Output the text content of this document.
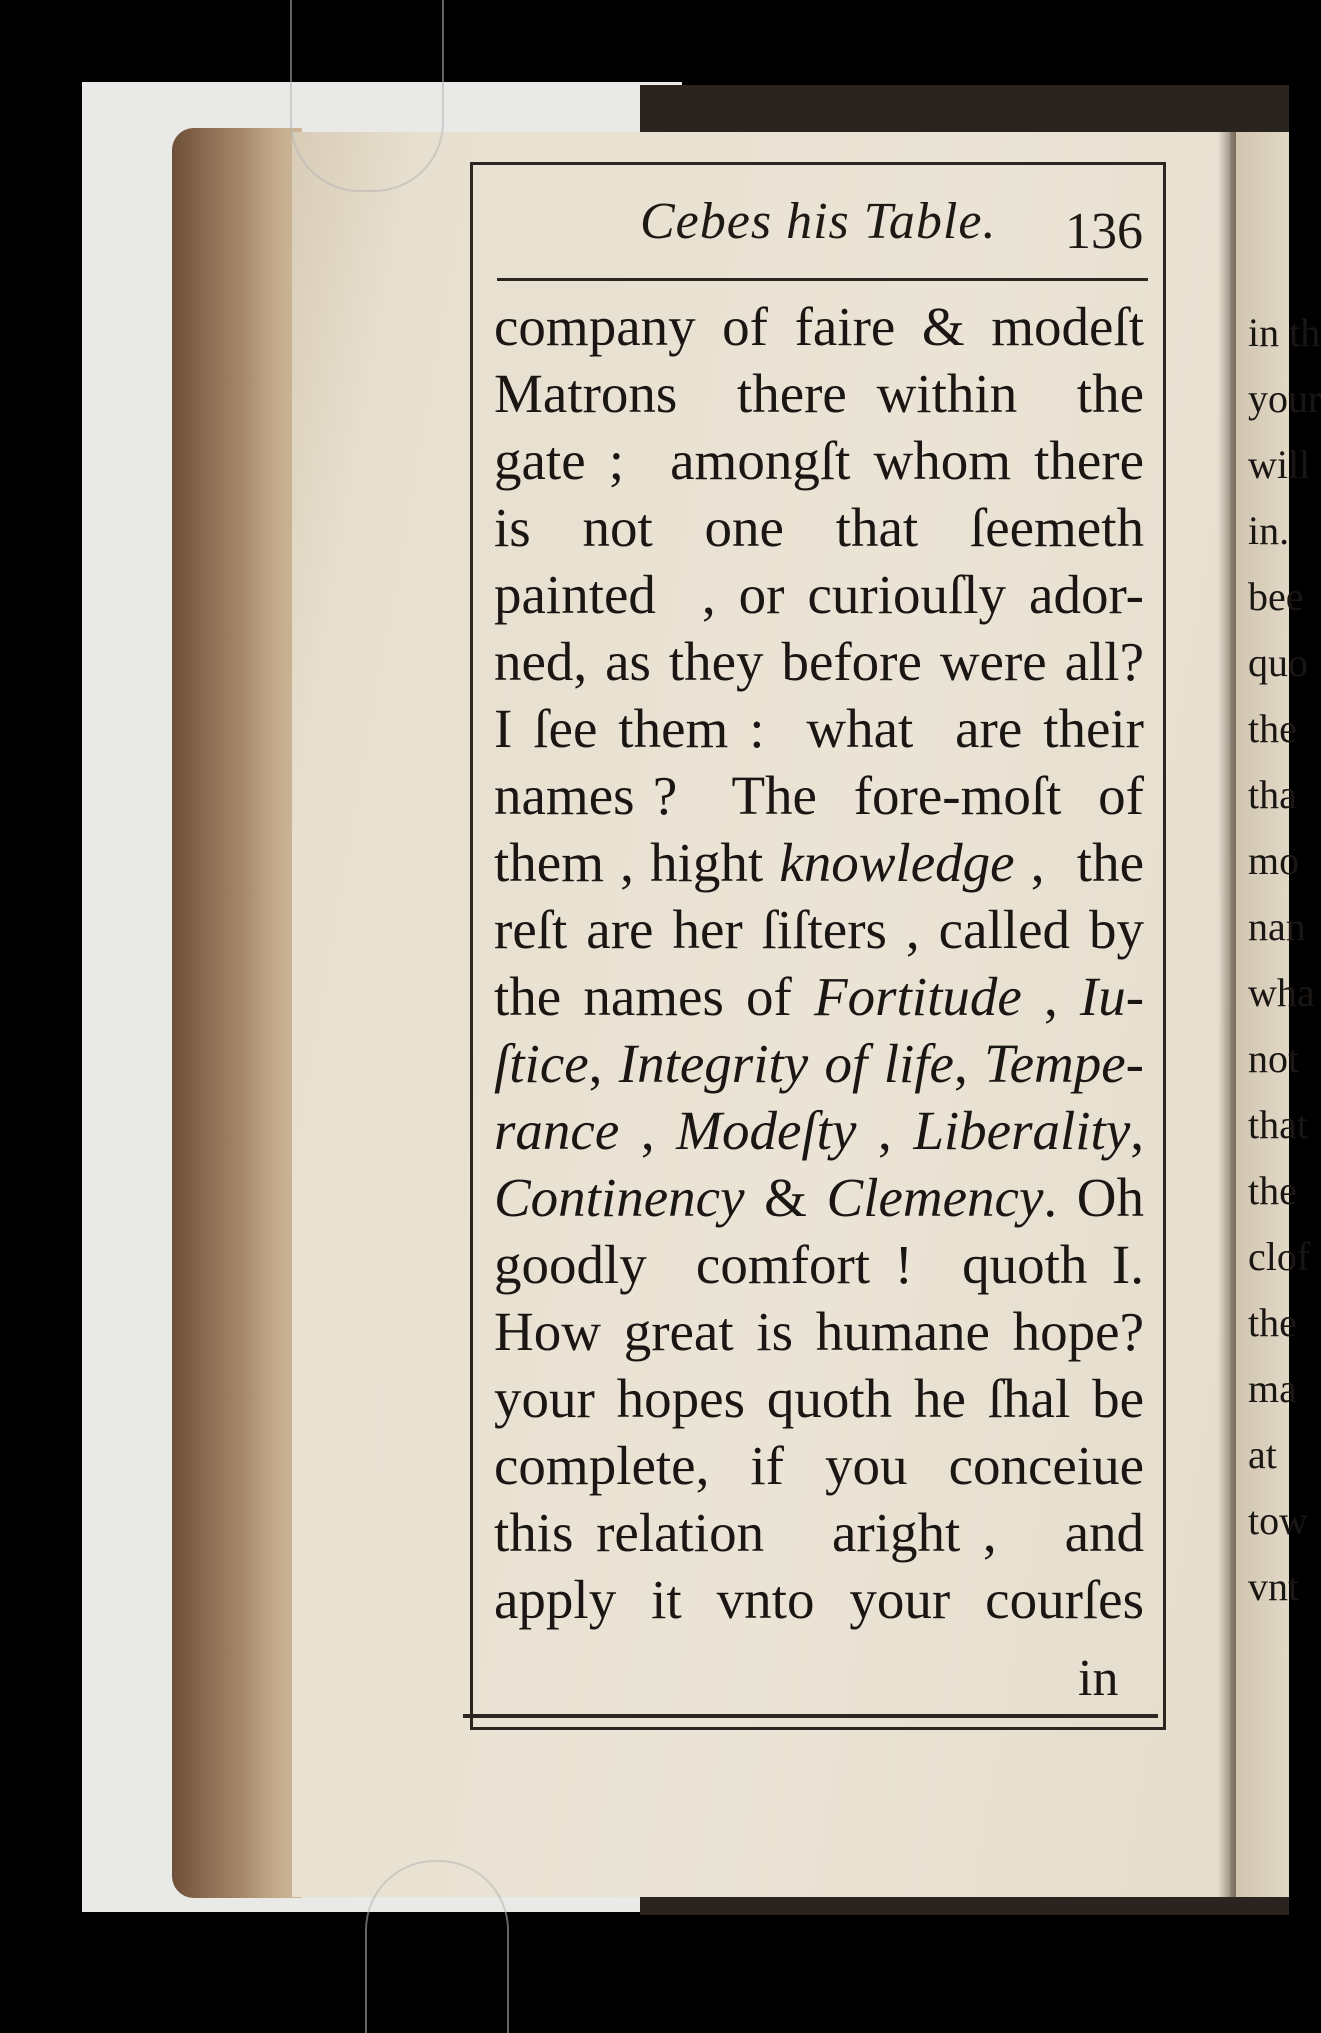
Cebes his Table. 136
company of faire & modeſt
Matrons  there within  the
gate ;  amongſt whom there
is  not  one  that  ſeemeth
painted  , or curiouſly ador-
ned, as they before were all?
I ſee them :  what  are their
names ?   The  fore-moſt  of
them , hight knowledge ,  the
reſt are her ſiſters , called by
the names of Fortitude , Iu-
ſtice, Integrity of life, Tempe-
rance , Modeſty , Liberality,
Continency & Clemency. Oh
goodly  comfort !  quoth I.
How great is humane hope?
your hopes quoth he ſhal be
complete,  if  you  conceiue
this relation   aright ,   and
apply  it  vnto  your  courſes
in
in th
your
will
in.
bee
quo
the
tha
mo
nan
wha
not
that
the
clof
the
ma
at
tow
vnt
